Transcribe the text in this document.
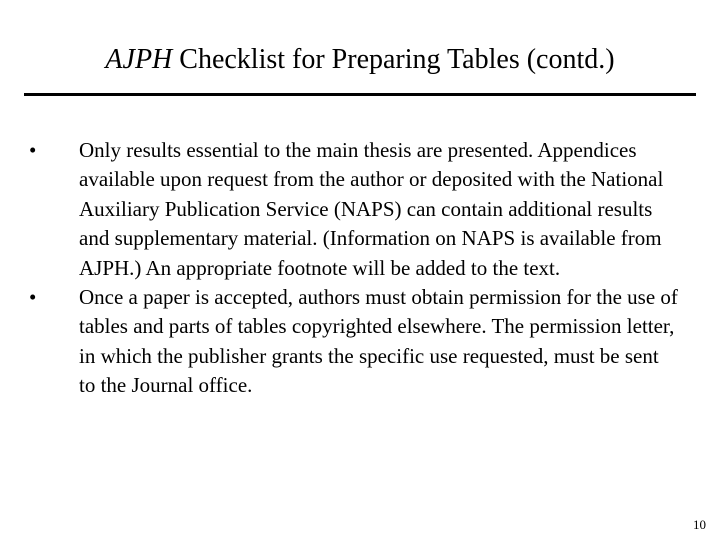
AJPH Checklist for Preparing Tables (contd.)
• Only results essential to the main thesis are presented. Appendices available upon request from the author or deposited with the National Auxiliary Publication Service (NAPS) can contain additional results and supplementary material. (Information on NAPS is available from AJPH.) An appropriate footnote will be added to the text.
• Once a paper is accepted, authors must obtain permission for the use of tables and parts of tables copyrighted elsewhere. The permission letter, in which the publisher grants the specific use requested, must be sent to the Journal office.
10
